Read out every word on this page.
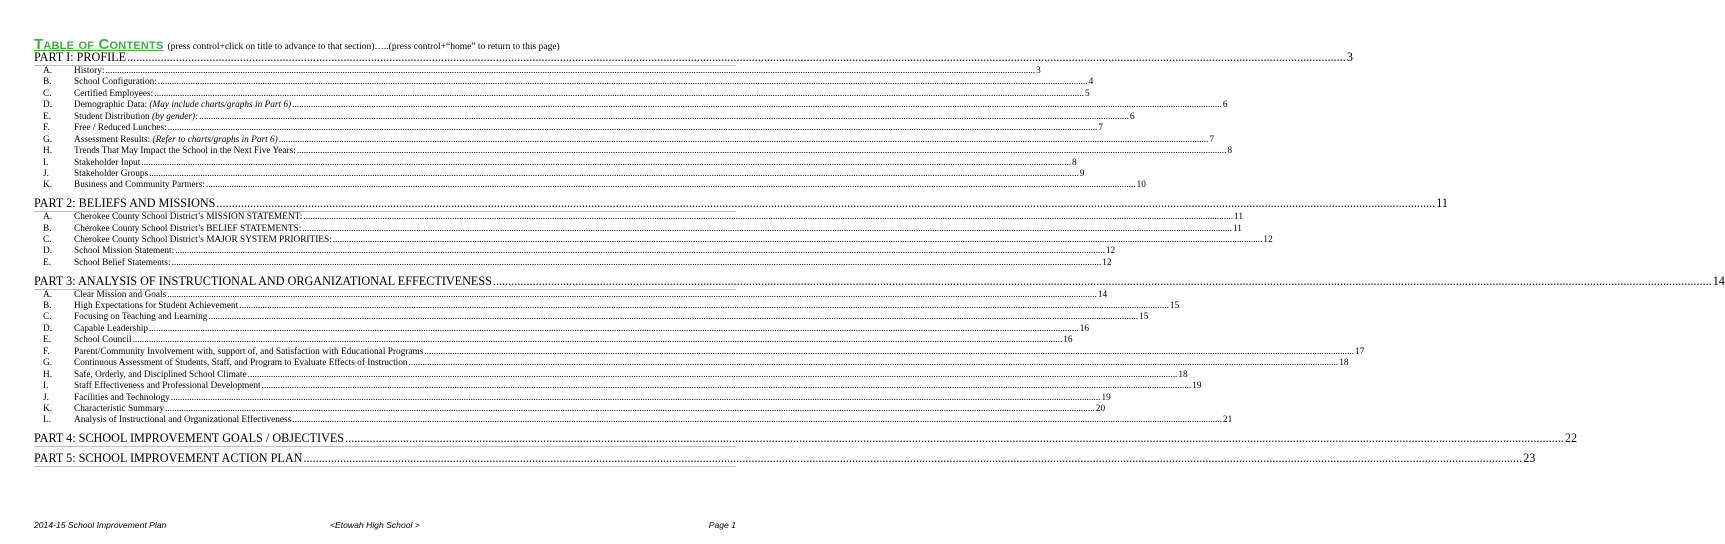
Table of Contents (press control+click on title to advance to that section)…..(press control+“home” to return to this page)
PART I: PROFILE ................................................................................................................................................................................................................................................................................................................................................................................................................ 3
A.	History: ................................................................................................................................................................................................................................................................................................................................................................................................................ 3
B.	School Configuration: ................................................................................................................................................................................................................................................................................................................................................................................................................ 4
C.	Certified Employees: ................................................................................................................................................................................................................................................................................................................................................................................................................ 5
D.	Demographic Data: (May include charts/graphs in Part 6) ................................................................................................................................................................................................................................................................................................................................................................................................................ 6
E.	Student Distribution (by gender): ................................................................................................................................................................................................................................................................................................................................................................................................................ 6
F.	Free / Reduced Lunches: ................................................................................................................................................................................................................................................................................................................................................................................................................ 7
G.	Assessment Results: (Refer to charts/graphs in Part 6) ................................................................................................................................................................................................................................................................................................................................................................................................................ 7
H.	Trends That May Impact the School in the Next Five Years: ................................................................................................................................................................................................................................................................................................................................................................................................................ 8
I.	Stakeholder Input ................................................................................................................................................................................................................................................................................................................................................................................................................ 8
J.	Stakeholder Groups ................................................................................................................................................................................................................................................................................................................................................................................................................ 9
K.	Business and Community Partners: ................................................................................................................................................................................................................................................................................................................................................................................................................ 10
PART 2: BELIEFS AND MISSIONS ................................................................................................................................................................................................................................................................................................................................................................................................................ 11
A.	Cherokee County School District’s MISSION STATEMENT: ................................................................................................................................................................................................................................................................................................................................................................................................................ 11
B.	Cherokee County School District’s BELIEF STATEMENTS: ................................................................................................................................................................................................................................................................................................................................................................................................................ 11
C.	Cherokee County School District’s MAJOR SYSTEM PRIORITIES: ................................................................................................................................................................................................................................................................................................................................................................................................................ 12
D.	School Mission Statement: ................................................................................................................................................................................................................................................................................................................................................................................................................ 12
E.	School Belief Statements: ................................................................................................................................................................................................................................................................................................................................................................................................................ 12
PART 3: ANALYSIS OF INSTRUCTIONAL AND ORGANIZATIONAL EFFECTIVENESS ................................................................................................................................................................................................................................................................................................................................................................................................................ 14
A.	Clear Mission and Goals ................................................................................................................................................................................................................................................................................................................................................................................................................ 14
B.	High Expectations for Student Achievement ................................................................................................................................................................................................................................................................................................................................................................................................................ 15
C.	Focusing on Teaching and Learning ................................................................................................................................................................................................................................................................................................................................................................................................................ 15
D.	Capable Leadership ................................................................................................................................................................................................................................................................................................................................................................................................................ 16
E.	School Council ................................................................................................................................................................................................................................................................................................................................................................................................................ 16
F.	Parent/Community Involvement with, support of, and Satisfaction with Educational Programs ................................................................................................................................................................................................................................................................................................................................................................................................................ 17
G.	Continuous Assessment of Students, Staff, and Program to Evaluate Effects of Instruction ................................................................................................................................................................................................................................................................................................................................................................................................................ 18
H.	Safe, Orderly, and Disciplined School Climate ................................................................................................................................................................................................................................................................................................................................................................................................................ 18
I.	Staff Effectiveness and Professional Development ................................................................................................................................................................................................................................................................................................................................................................................................................ 19
J.	Facilities and Technology ................................................................................................................................................................................................................................................................................................................................................................................................................ 19
K.	Characteristic Summary ................................................................................................................................................................................................................................................................................................................................................................................................................ 20
L.	Analysis of Instructional and Organizational Effectiveness ................................................................................................................................................................................................................................................................................................................................................................................................................ 21
PART 4: SCHOOL IMPROVEMENT GOALS / OBJECTIVES ................................................................................................................................................................................................................................................................................................................................................................................................................ 22
PART 5: SCHOOL IMPROVEMENT ACTION PLAN ................................................................................................................................................................................................................................................................................................................................................................................................................ 23
2014-15 School Improvement Plan	<Etowah High School >	Page 1
